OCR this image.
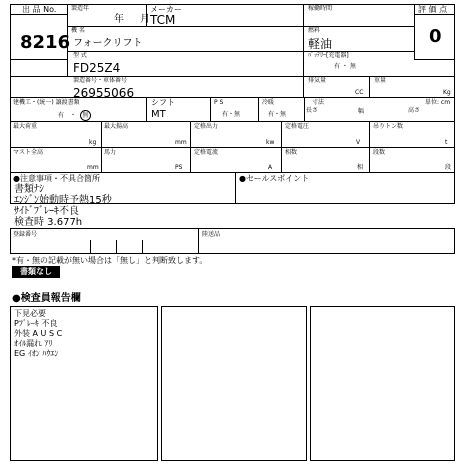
出 品 No.
8216
製造年
年 月
メーカー
TCM
稼働時間	評 価 点
0
機 名
フォークリフト
燃料
軽油
型 式
FD25Z4
ﾊﾞｯﾃﾘｰ[充電器]
有 ・ 無
製造番号・車体番号
26955066
排気量
CC
重量
Kg
建機工・(統一) 譲渡書類
有 ・	無
シフト
MT
P S
有・無
冷暖
有・無
寸法
長さ	幅	高さ
単位: cm
最大荷重
kg
最大揚高
mm
定格出力
kw
定格電圧
V
吊りトン数
t
マスト全高
mm
馬力
PS
定格電流
A
相数
相
段数
段
●注意事項・不具合箇所
書類ﾅｼ
ｴﾝｼﾞﾝ始動時予熱15秒
ｻｲﾄﾞﾌﾞﾚｰｷ不良
検査時 3.677h
●セールスポイント
登録番号	陸送品
*有・無の記載が無い場合は「無し」と判断致します。
書類なし
●検査員報告欄
下見必要
Pﾌﾞﾚｰｷ 不良
外装 A U S C
ｵｲﾙ漏れ ｱﾘ
EG ｲｵﾝ ﾊｳｴﾝ
